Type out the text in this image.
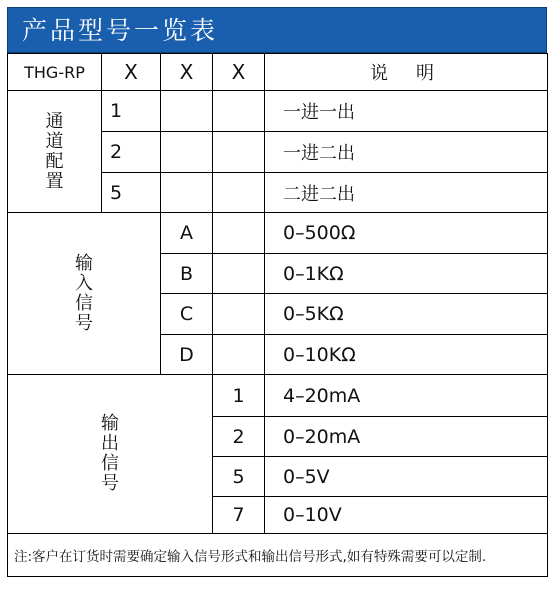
产品型号一览表
THG-RP	X	X	X	说明

通
道
配
置	1			一进一出
	2			一进二出
	5			二进二出

输
入
信
号		A		0–500Ω
		B		0–1KΩ
		C		0–5KΩ
		D		0–10KΩ

输
出
信
号			1	4–20mA
			2	0–20mA
			5	0–5V
			7	0–10V
注:客户在订货时需要确定输入信号形式和输出信号形式,如有特殊需要可以定制.				
